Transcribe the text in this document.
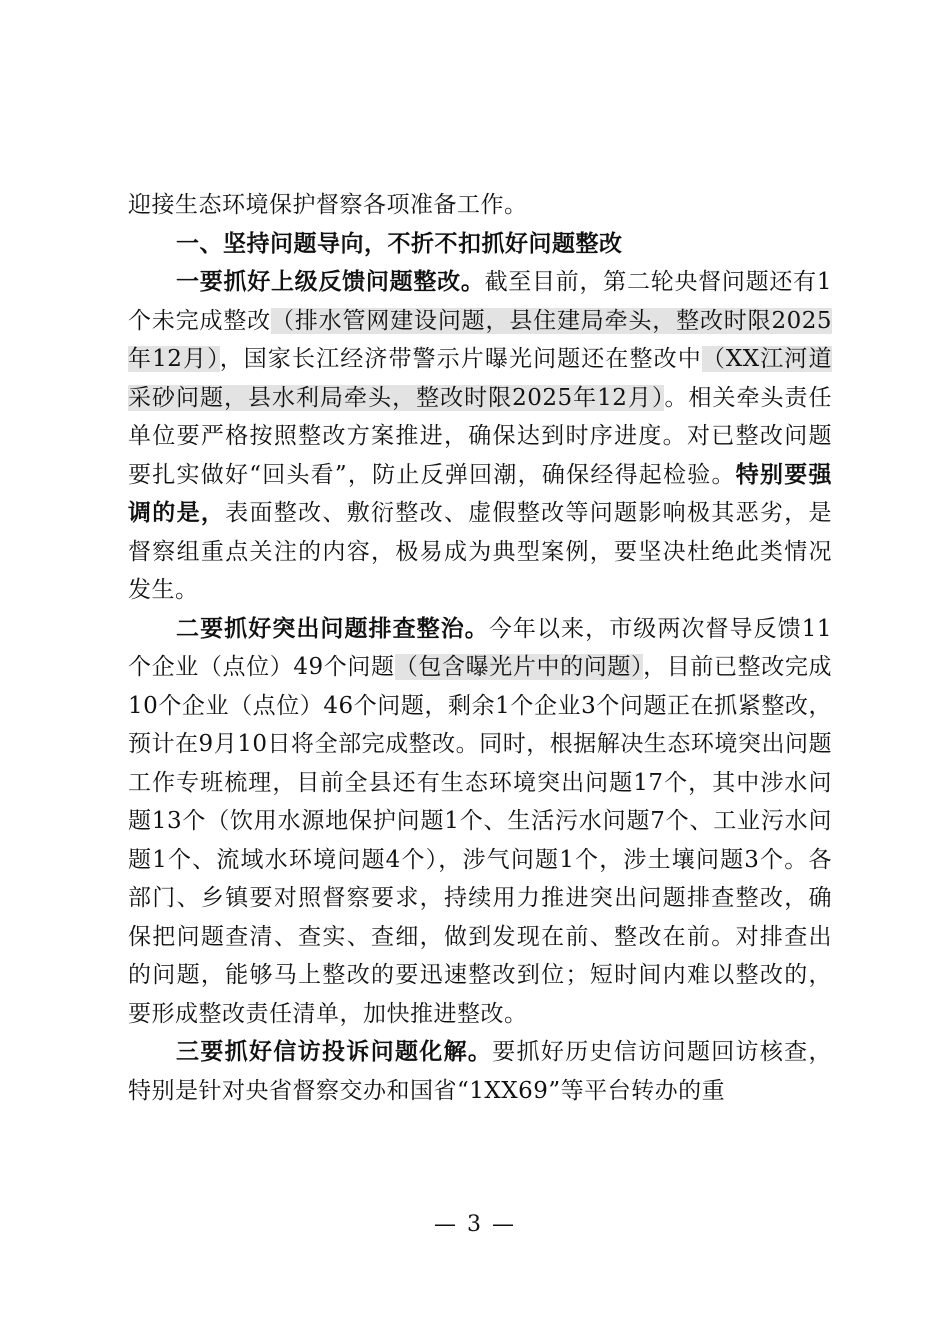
迎接生态环境保护督察各项准备工作。

一、坚持问题导向，不折不扣抓好问题整改

一要抓好上级反馈问题整改。截至目前，第二轮央督问题还有1个未完成整改（排水管网建设问题，县住建局牵头，整改时限2025年12月），国家长江经济带警示片曝光问题还在整改中（XX江河道采砂问题，县水利局牵头，整改时限2025年12月）。相关牵头责任单位要严格按照整改方案推进，确保达到时序进度。对已整改问题要扎实做好“回头看”，防止反弹回潮，确保经得起检验。特别要强调的是，表面整改、敷衍整改、虚假整改等问题影响极其恶劣，是督察组重点关注的内容，极易成为典型案例，要坚决杜绝此类情况发生。

二要抓好突出问题排查整治。今年以来，市级两次督导反馈11个企业（点位）49个问题（包含曝光片中的问题），目前已整改完成10个企业（点位）46个问题，剩余1个企业3个问题正在抓紧整改，预计在9月10日将全部完成整改。同时，根据解决生态环境突出问题工作专班梳理，目前全县还有生态环境突出问题17个，其中涉水问题13个（饮用水源地保护问题1个、生活污水问题7个、工业污水问题1个、流域水环境问题4个），涉气问题1个，涉土壤问题3个。各部门、乡镇要对照督察要求，持续用力推进突出问题排查整改，确保把问题查清、查实、查细，做到发现在前、整改在前。对排查出的问题，能够马上整改的要迅速整改到位；短时间内难以整改的，要形成整改责任清单，加快推进整改。

三要抓好信访投诉问题化解。要抓好历史信访问题回访核查，特别是针对央省督察交办和国省“1XX69”等平台转办的重

— 3 —
